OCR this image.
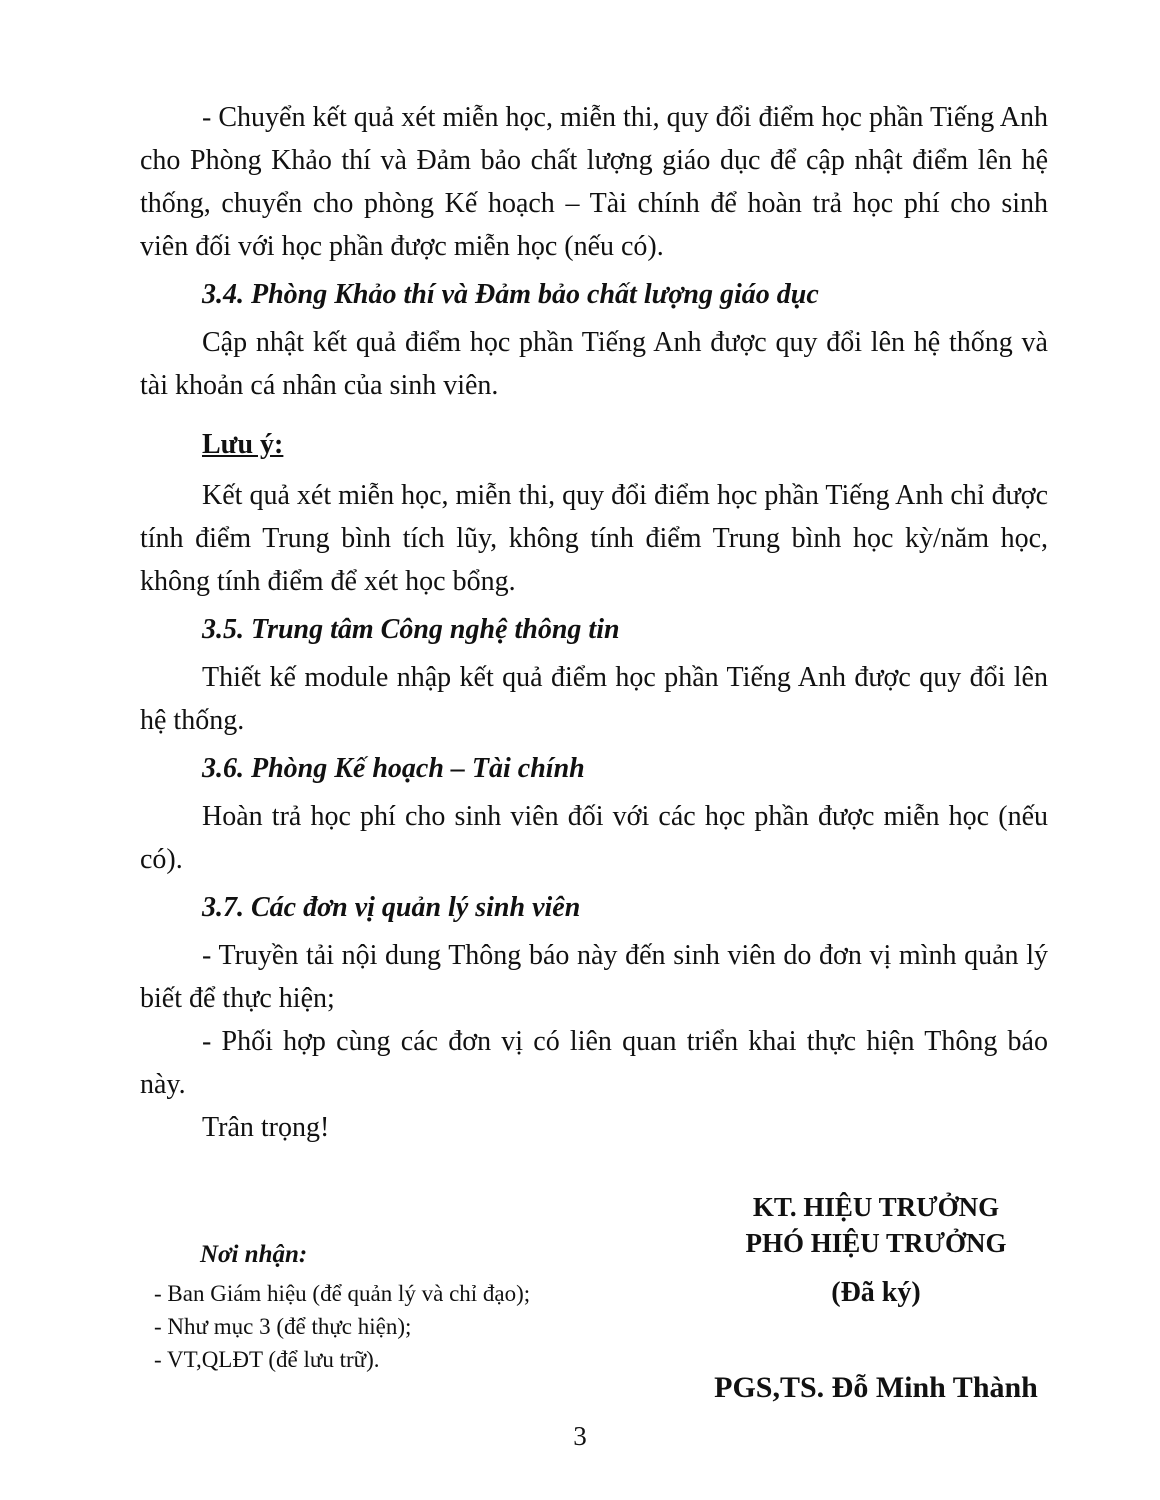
- Chuyển kết quả xét miễn học, miễn thi, quy đổi điểm học phần Tiếng Anh cho Phòng Khảo thí và Đảm bảo chất lượng giáo dục để cập nhật điểm lên hệ thống, chuyển cho phòng Kế hoạch – Tài chính để hoàn trả học phí cho sinh viên đối với học phần được miễn học (nếu có).

3.4. Phòng Khảo thí và Đảm bảo chất lượng giáo dục

Cập nhật kết quả điểm học phần Tiếng Anh được quy đổi lên hệ thống và tài khoản cá nhân của sinh viên.

Lưu ý:

Kết quả xét miễn học, miễn thi, quy đổi điểm học phần Tiếng Anh chỉ được tính điểm Trung bình tích lũy, không tính điểm Trung bình học kỳ/năm học, không tính điểm để xét học bổng.

3.5. Trung tâm Công nghệ thông tin

Thiết kế module nhập kết quả điểm học phần Tiếng Anh được quy đổi lên hệ thống.

3.6. Phòng Kế hoạch – Tài chính

Hoàn trả học phí cho sinh viên đối với các học phần được miễn học (nếu có).

3.7. Các đơn vị quản lý sinh viên

- Truyền tải nội dung Thông báo này đến sinh viên do đơn vị mình quản lý biết để thực hiện;

- Phối hợp cùng các đơn vị có liên quan triển khai thực hiện Thông báo này.

Trân trọng!

Nơi nhận:

- Ban Giám hiệu (để quản lý và chỉ đạo);
- Như mục 3 (để thực hiện);
- VT,QLĐT (để lưu trữ).

KT. HIỆU TRƯỞNG

PHÓ HIỆU TRƯỞNG

(Đã ký)
PGS,TS. Đỗ Minh Thành
3
